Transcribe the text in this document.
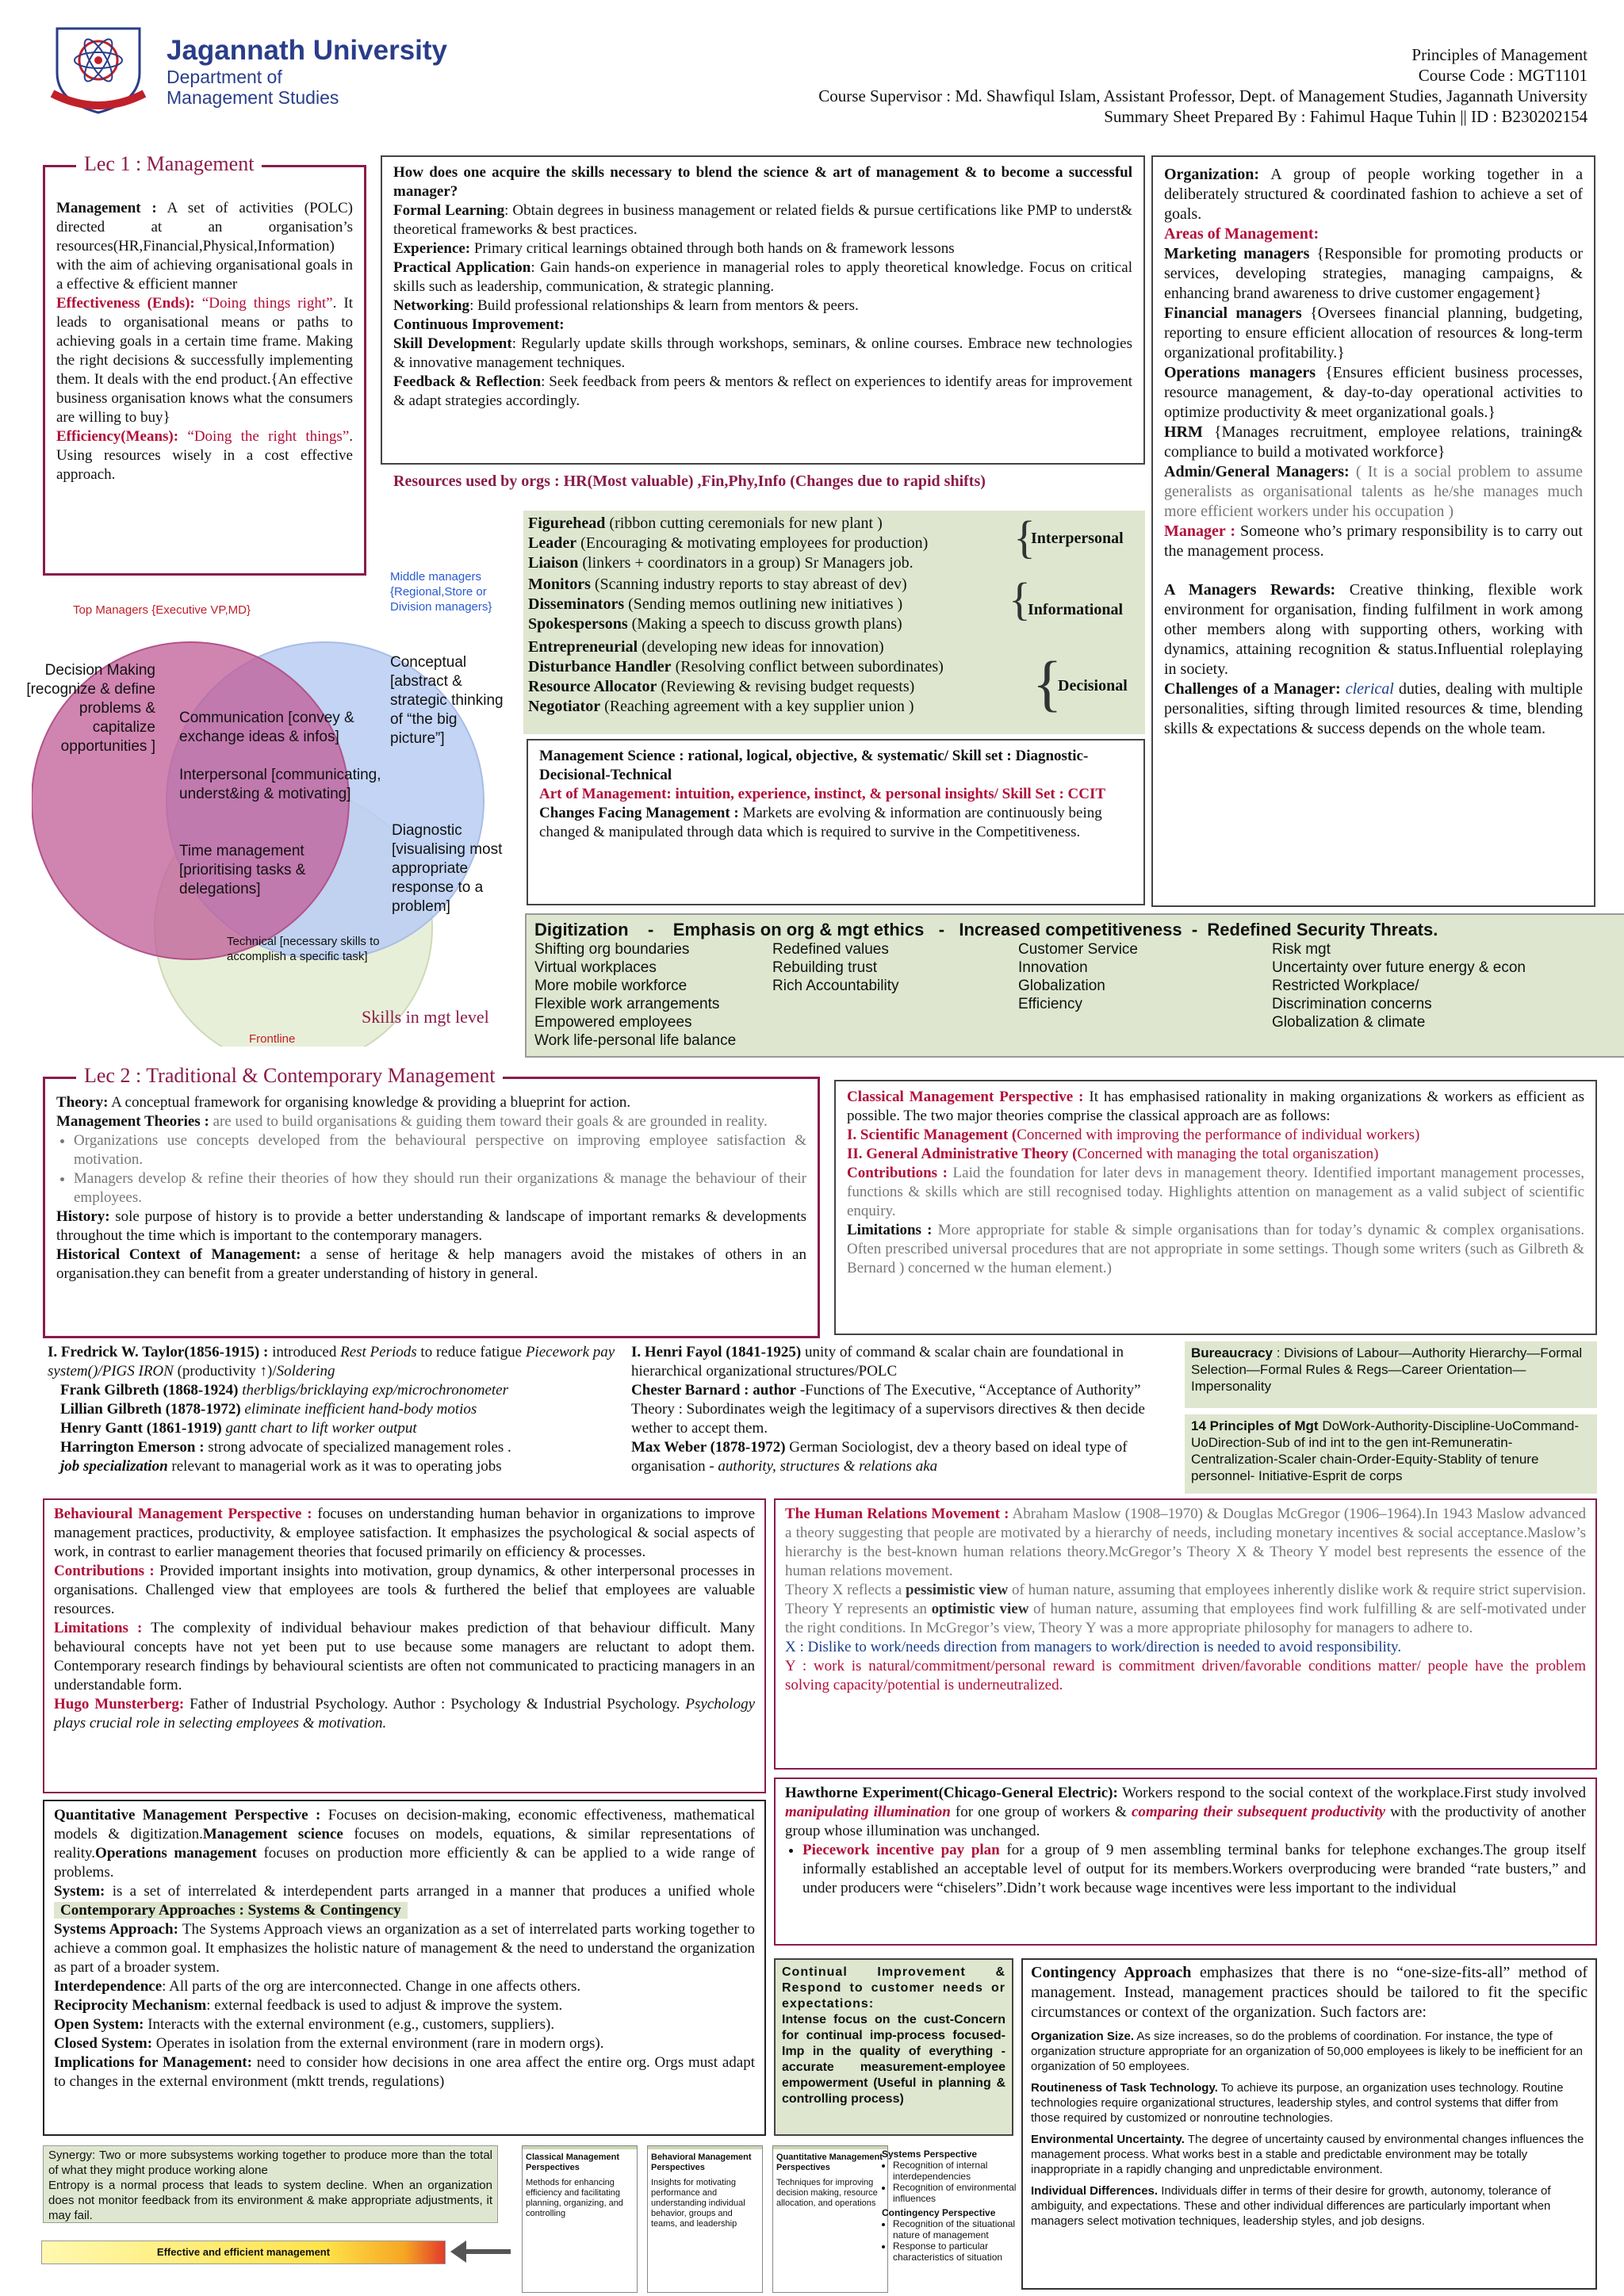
Jagannath University
Department of
Management Studies
Principles of Management
Course Code : MGT1101
Course Supervisor : Md. Shawfiqul Islam, Assistant Professor, Dept. of Management Studies, Jagannath University
Summary Sheet Prepared By : Fahimul Haque Tuhin || ID : B230202154

Management : A set of activities (POLC) directed at an organisation’s resources(HR,Financial,Physical,Information) with the aim of achieving organisational goals in a effective & efficient manner

Effectiveness (Ends): “Doing things right”. It leads to organisational means or paths to achieving goals in a certain time frame. Making the right decisions & successfully implementing them. It deals with the end product.{An effective business organisation knows what the consumers are willing to buy}

Efficiency(Means): “Doing the right things”. Using resources wisely in a cost effective approach.

Lec 1 : Management	How does one acquire the skills necessary to blend the science & art of management & to become a successful manager?

Formal Learning: Obtain degrees in business management or related fields & pursue certifications like PMP to underst& theoretical frameworks & best practices.

Experience: Primary critical learnings obtained through both hands on & framework lessons

Practical Application: Gain hands-on experience in managerial roles to apply theoretical knowledge. Focus on critical skills such as leadership, communication, & strategic planning.

Networking: Build professional relationships & learn from mentors & peers.

Continuous Improvement:

Skill Development: Regularly update skills through workshops, seminars, & online courses. Embrace new technologies & innovative management techniques.

Feedback & Reflection: Seek feedback from peers & mentors & reflect on experiences to identify areas for improvement & adapt strategies accordingly.

Resources used by orgs : HR(Most valuable) ,Fin,Phy,Info (Changes due to rapid shifts)
Figurehead (ribbon cutting ceremonials for new plant )
Leader (Encouraging & motivating employees for production)
Liaison (linkers + coordinators in a group) Sr Managers job.
Monitors (Scanning industry reports to stay abreast of dev)
Disseminators (Sending memos outlining new initiatives )
Spokespersons (Making a speech to discuss growth plans)
Entrepreneurial (developing new ideas for innovation)
Disturbance Handler (Resolving conflict between subordinates)
Resource Allocator (Reviewing & revising budget requests)
Negotiator (Reaching agreement with a key supplier union )
{
Interpersonal
{
Informational
{
Decisional

Management Science : rational, logical, objective, & systematic/ Skill set : Diagnostic-Decisional-Technical

Art of Management: intuition, experience, instinct, & personal insights/ Skill Set : CCIT

Changes Facing Management : Markets are evolving & information are continuously being changed & manipulated through data which is required to survive in the Competitiveness.

Organization: A group of people working together in a deliberately structured & coordinated fashion to achieve a set of goals.

Areas of Management:

Marketing managers {Responsible for promoting products or services, developing strategies, managing campaigns, & enhancing brand awareness to drive customer engagement}

Financial managers {Oversees financial planning, budgeting, reporting to ensure efficient allocation of resources & long-term organizational profitability.}

Operations managers {Ensures efficient business processes, resource management, & day-to-day operational activities to optimize productivity & meet organizational goals.}

HRM {Manages recruitment, employee relations, training& compliance to build a motivated workforce}

Admin/General Managers: ( It is a social problem to assume generalists as organisational talents as he/she manages much more efficient workers under his occupation )

Manager : Someone who’s primary responsibility is to carry out the management process.

A Managers Rewards: Creative thinking, flexible work environment for organisation, finding fulfilment in work among other members along with supporting others, working with dynamics, attaining recognition & status.Influential roleplaying in society.

Challenges of a Manager: clerical duties, dealing with multiple personalities, sifting through limited resources & time, blending skills & expectations & success depends on the whole team.

Top Managers {Executive VP,MD}
Middle managers {Regional,Store or Division managers}
Decision Making [recognize & define problems & capitalize opportunities ]
Conceptual [abstract & strategic thinking of “the big picture”]
Communication [convey & exchange ideas & infos]
Interpersonal [communicating, underst&ing & motivating]
Time management [prioritising tasks & delegations]
Diagnostic [visualising most appropriate response to a problem]
Technical [necessary skills to accomplish a specific task]
Frontline
Skills in mgt level
Digitization    -    Emphasis on org & mgt ethics   -   Increased competitiveness  -  Redefined Security Threats.
Shifting org boundaries
Virtual workplaces
More mobile workforce
Flexible work arrangements
Empowered employees
Work life-personal life balance
Redefined values
Rebuilding trust
Rich Accountability
Customer Service
Innovation
Globalization
Efficiency
Risk mgt
Uncertainty over future energy & econ
Restricted Workplace/
Discrimination concerns
Globalization & climate

Theory: A conceptual framework for organising knowledge & providing a blueprint for action.

Management Theories : are used to build organisations & guiding them toward their goals & are grounded in reality.

• Organizations use concepts developed from the behavioural perspective on improving employee satisfaction & motivation.
• Managers develop & refine their theories of how they should run their organizations & manage the behaviour of their employees.

History: sole purpose of history is to provide a better understanding & landscape of important remarks & developments throughout the time which is important to the contemporary managers.

Historical Context of Management: a sense of heritage & help managers avoid the mistakes of others in an organisation.they can benefit from a greater understanding of history in general.

Lec 2 : Traditional & Contemporary Management

Classical Management Perspective : It has emphasised rationality in making organizations & workers as efficient as possible. The two major theories comprise the classical approach are as follows:

I. Scientific Management (Concerned with improving the performance of individual workers)

II. General Administrative Theory (Concerned with managing the total organiszation)

Contributions : Laid the foundation for later devs in management theory. Identified important management processes, functions & skills which are still recognised today. Highlights attention on management as a valid subject of scientific enquiry.

Limitations : More appropriate for stable & simple organisations than for today’s dynamic & complex organisations. Often prescribed universal procedures that are not appropriate in some settings. Though some writers (such as Gilbreth & Bernard ) concerned w the human element.)

I. Fredrick W. Taylor(1856-1915) : introduced Rest Periods to reduce fatigue Piecework pay system()/PIGS IRON (productivity ↑)/Soldering

Frank Gilbreth (1868-1924) therbligs/bricklaying exp/microchronometer

Lillian Gilbreth (1878-1972) eliminate inefficient hand-body motios

Henry Gantt (1861-1919) gantt chart to lift worker output

Harrington Emerson : strong advocate of specialized management roles .

job specialization relevant to managerial work as it was to operating jobs

I. Henri Fayol (1841-1925) unity of command & scalar chain are foundational in hierarchical organizational structures/POLC

Chester Barnard : author -Functions of The Executive, “Acceptance of Authority” Theory : Subordinates weigh the legitimacy of a supervisors directives & then decide wether to accept them.

Max Weber (1878-1972) German Sociologist, dev a theory based on ideal type of organisation - authority, structures & relations aka

Bureaucracy : Divisions of Labour—Authority Hierarchy—Formal Selection—Formal Rules & Regs—Career Orientation—Impersonality
14 Principles of Mgt DoWork-Authority-Discipline-UoCommand-UoDirection-Sub of ind int to the gen int-Remuneratin-Centralization-Scaler chain-Order-Equity-Stablity of tenure personnel- Initiative-Esprit de corps

Behavioural Management Perspective : focuses on understanding human behavior in organizations to improve management practices, productivity, & employee satisfaction. It emphasizes the psychological & social aspects of work, in contrast to earlier management theories that focused primarily on efficiency & processes.

Contributions : Provided important insights into motivation, group dynamics, & other interpersonal processes in organisations. Challenged view that employees are tools & furthered the belief that employees are valuable resources.

Limitations : The complexity of individual behaviour makes prediction of that behaviour difficult. Many behavioural concepts have not yet been put to use because some managers are reluctant to adopt them. Contemporary research findings by behavioural scientists are often not communicated to practicing managers in an understandable form.

Hugo Munsterberg: Father of Industrial Psychology. Author : Psychology & Industrial Psychology. Psychology plays crucial role in selecting employees & motivation.

The Human Relations Movement : Abraham Maslow (1908–1970) & Douglas McGregor (1906–1964).In 1943 Maslow advanced a theory suggesting that people are motivated by a hierarchy of needs, including monetary incentives & social acceptance.Maslow’s hierarchy is the best-known human relations theory.McGregor’s Theory X & Theory Y model best represents the essence of the human relations movement.

Theory X reflects a pessimistic view of human nature, assuming that employees inherently dislike work & require strict supervision. Theory Y represents an optimistic view of human nature, assuming that employees find work fulfilling & are self-motivated under the right conditions. In McGregor’s view, Theory Y was a more appropriate philosophy for managers to adhere to.

X : Dislike to work/needs direction from managers to work/direction is needed to avoid responsibility.

Y : work is natural/commitment/personal reward is commitment driven/favorable conditions matter/ people have the problem solving capacity/potential is underneutralized.

Hawthorne Experiment(Chicago-General Electric): Workers respond to the social context of the workplace.First study involved manipulating illumination for one group of workers & comparing their subsequent productivity with the productivity of another group whose illumination was unchanged.

• Piecework incentive pay plan for a group of 9 men assembling terminal banks for telephone exchanges.The group itself informally established an acceptable level of output for its members.Workers overproducing were branded “rate busters,” and under producers were “chiselers”.Didn’t work because wage incentives were less important to the individual

Quantitative Management Perspective : Focuses on decision-making, economic effectiveness, mathematical models & digitization.Management science focuses on models, equations, & similar representations of reality.Operations management focuses on production more efficiently & can be applied to a wide range of problems.

System: is a set of interrelated & interdependent parts arranged in a manner that produces a unified whole Contemporary Approaches : Systems & Contingency

Systems Approach: The Systems Approach views an organization as a set of interrelated parts working together to achieve a common goal. It emphasizes the holistic nature of management & the need to understand the organization as part of a broader system.

Interdependence: All parts of the org are interconnected. Change in one affects others.

Reciprocity Mechanism: external feedback is used to adjust & improve the system.

Open System: Interacts with the external environment (e.g., customers, suppliers).

Closed System: Operates in isolation from the external environment (rare in modern orgs).

Implications for Management: need to consider how decisions in one area affect the entire org. Orgs must adapt to changes in the external environment (mktt trends, regulations)

Continual Improvement & Respond to customer needs or expectations:

Intense focus on the cust-Concern for continual imp-process focused- Imp in the quality of everything -accurate measurement-employee empowerment (Useful in planning & controlling process)

Contingency Approach emphasizes that there is no “one-size-fits-all” method of management. Instead, management practices should be tailored to fit the specific circumstances or context of the organization. Such factors are:

Organization Size. As size increases, so do the problems of coordination. For instance, the type of organization structure appropriate for an organization of 50,000 employees is likely to be inefficient for an organization of 50 employees.

Routineness of Task Technology. To achieve its purpose, an organization uses technology. Routine technologies require organizational structures, leadership styles, and control systems that differ from those required by customized or nonroutine technologies.

Environmental Uncertainty. The degree of uncertainty caused by environmental changes influences the management process. What works best in a stable and predictable environment may be totally inappropriate in a rapidly changing and unpredictable environment.

Individual Differences. Individuals differ in terms of their desire for growth, autonomy, tolerance of ambiguity, and expectations. These and other individual differences are particularly important when managers select motivation techniques, leadership styles, and job designs.

Synergy: Two or more subsystems working together to produce more than the total of what they might produce working alone

Entropy is a normal process that leads to system decline. When an organization does not monitor feedback from its environment & make appropriate adjustments, it may fail.

Effective and efficient management
Classical Management Perspectives
Methods for enhancing efficiency and facilitating planning, organizing, and controlling
Behavioral Management Perspectives
Insights for motivating performance and understanding individual behavior, groups and teams, and leadership
Quantitative Management Perspectives
Techniques for improving decision making, resource allocation, and operations
Systems Perspective
• Recognition of internal interdependencies
• Recognition of environmental influences
Contingency Perspective
• Recognition of the situational nature of management
• Response to particular characteristics of situation
